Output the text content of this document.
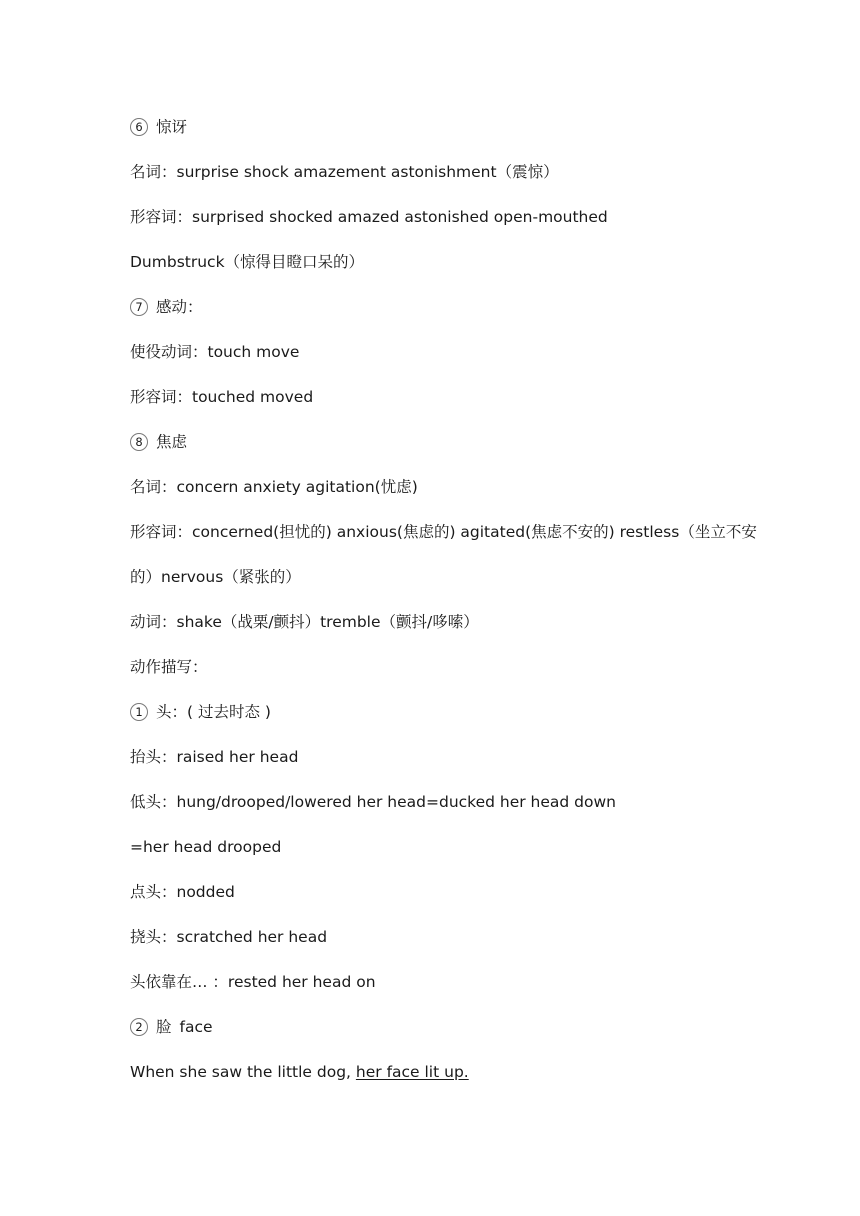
6 惊讶
名词：surprise shock amazement astonishment（震惊）
形容词：surprised shocked amazed astonished open-mouthed
Dumbstruck（惊得目瞪口呆的）
7 感动：
使役动词：touch move
形容词：touched moved
8 焦虑
名词：concern anxiety agitation(忧虑)
形容词：concerned(担忧的) anxious(焦虑的) agitated(焦虑不安的) restless（坐立不安
的）nervous（紧张的）
动词：shake（战栗/颤抖）tremble（颤抖/哆嗦）
动作描写：
1 头：( 过去时态 )
抬头：raised her head
低头：hung/drooped/lowered her head=ducked her head down
=her head drooped
点头：nodded
挠头：scratched her head
头依靠在… ：rested her head on
2 脸 face
When she saw the little dog, her face lit up.
